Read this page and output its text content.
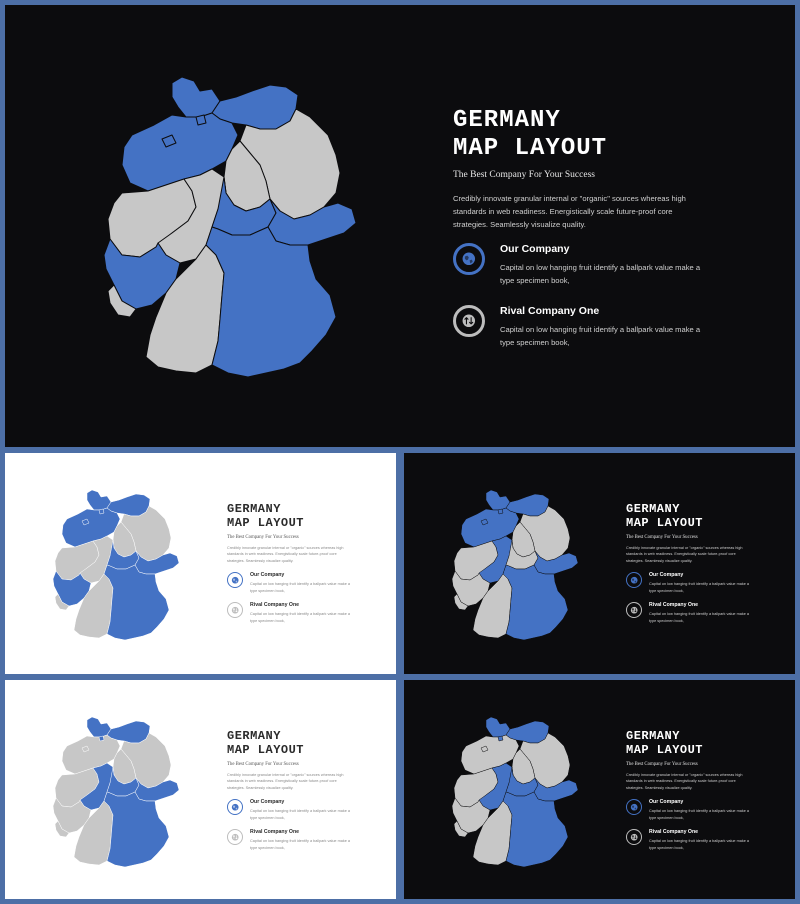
GERMANY
MAP LAYOUT

The Best Company For Your Success

Credibly innovate granular internal or "organic" sources whereas high standards in web readiness. Energistically scale future-proof core strategies. Seamlessly visualize quality.

Our Company

Capital on low hanging fruit identify a ballpark value make a type specimen book,

Rival Company One

Capital on low hanging fruit identify a ballpark value make a type specimen book,

GERMANY
MAP LAYOUT

The Best Company For Your Success

Credibly innovate granular internal or "organic" sources whereas high standards in web readiness. Energistically scale future-proof core strategies. Seamlessly visualize quality.

Our Company

Capital on low hanging fruit identify a ballpark value make a type specimen book,

Rival Company One

Capital on low hanging fruit identify a ballpark value make a type specimen book,

GERMANY
MAP LAYOUT

The Best Company For Your Success

Credibly innovate granular internal or "organic" sources whereas high standards in web readiness. Energistically scale future-proof core strategies. Seamlessly visualize quality.

Our Company

Capital on low hanging fruit identify a ballpark value make a type specimen book,

Rival Company One

Capital on low hanging fruit identify a ballpark value make a type specimen book,

GERMANY
MAP LAYOUT

The Best Company For Your Success

Credibly innovate granular internal or "organic" sources whereas high standards in web readiness. Energistically scale future-proof core strategies. Seamlessly visualize quality.

Our Company

Capital on low hanging fruit identify a ballpark value make a type specimen book,

Rival Company One

Capital on low hanging fruit identify a ballpark value make a type specimen book,

GERMANY
MAP LAYOUT

The Best Company For Your Success

Credibly innovate granular internal or "organic" sources whereas high standards in web readiness. Energistically scale future-proof core strategies. Seamlessly visualize quality.

Our Company

Capital on low hanging fruit identify a ballpark value make a type specimen book,

Rival Company One

Capital on low hanging fruit identify a ballpark value make a type specimen book,
